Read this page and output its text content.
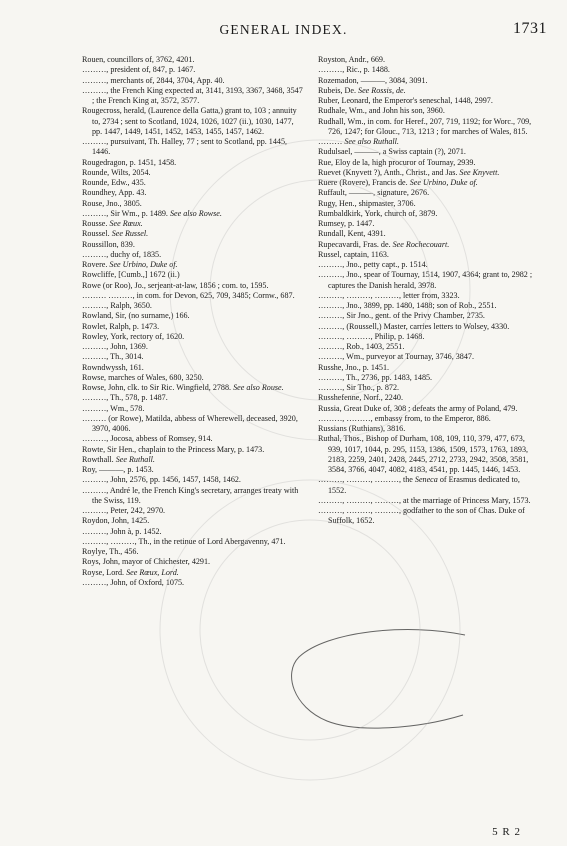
GENERAL INDEX.	1731
Rouen, councillors of, 3762, 4201.
………, president of, 847, p. 1467.
………, merchants of, 2844, 3704, App. 40.
………, the French King expected at, 3141, 3193, 3367, 3468, 3547 ; the French King at, 3572, 3577.
Rougecross, herald, (Laurence della Gatta,) grant to, 103 ; annuity to, 2734 ; sent to Scotland, 1024, 1026, 1027 (ii.), 1030, 1477, pp. 1447, 1449, 1451, 1452, 1453, 1455, 1457, 1462.
………, pursuivant, Th. Halley, 77 ; sent to Scotland, pp. 1445, 1446.
Rougedragon, p. 1451, 1458.
Rounde, Wilts, 2054.
Rounde, Edw., 435.
Roundhey, App. 43.
Rouse, Jno., 3805.
………, Sir Wm., p. 1489. See also Rowse.
Rousse. See Rœux.
Roussel. See Russel.
Roussillon, 839.
………, duchy of, 1835.
Rovere. See Urbino, Duke of.
Rowcliffe, [Cumb.,] 1672 (ii.)
Rowe (or Roo), Jo., serjeant-at-law, 1856 ; com. to, 1595.
……… ………, in com. for Devon, 625, 709, 3485; Cornw., 687.
………, Ralph, 3650.
Rowland, Sir, (no surname,) 166.
Rowlet, Ralph, p. 1473.
Rowley, York, rectory of, 1620.
………, John, 1369.
………, Th., 3014.
Rowndwyssh, 161.
Rowse, marches of Wales, 680, 3250.
Rowse, John, clk. to Sir Ric. Wingfield, 2788. See also Rouse.
………, Th., 578, p. 1487.
………, Wm., 578.
……… (or Rowe), Matilda, abbess of Wherewell, deceased, 3920, 3970, 4006.
………, Jocosa, abbess of Romsey, 914.
Rowte, Sir Hen., chaplain to the Princess Mary, p. 1473.
Rowthall. See Ruthall.
Roy, ———, p. 1453.
………, John, 2576, pp. 1456, 1457, 1458, 1462.
………, André le, the French King's secretary, arranges treaty with the Swiss, 119.
………, Peter, 242, 2970.
Roydon, John, 1425.
………, John à, p. 1452.
………, ………, Th., in the retinue of Lord Abergavenny, 471.
Roylye, Th., 456.
Roys, John, mayor of Chichester, 4291.
Royse, Lord. See Rœux, Lord.
………, John, of Oxford, 1075.
Royston, Andr., 669.
………, Ric., p. 1488.
Rozemadon, ———, 3084, 3091.
Rubeis, De. See Rossis, de.
Ruber, Leonard, the Emperor's seneschal, 1448, 2997.
Rudhale, Wm., and John his son, 3960.
Rudhall, Wm., in com. for Heref., 207, 719, 1192; for Worc., 709, 726, 1247; for Glouc., 713, 1213 ; for marches of Wales, 815.
……… See also Ruthall.
Rudulsael, ———, a Swiss captain (?), 2071.
Rue, Eloy de la, high procuror of Tournay, 2939.
Ruevet (Knyvett ?), Anth., Christ., and Jas. See Knyvett.
Ruere (Rovere), Francis de. See Urbino, Duke of.
Ruffault, ———, signature, 2676.
Rugy, Hen., shipmaster, 3706.
Rumbaldkirk, York, church of, 3879.
Rumsey, p. 1447.
Rundall, Kent, 4391.
Rupecavardi, Fras. de. See Rochecouart.
Russel, captain, 1163.
………, Jno., petty capt., p. 1514.
………, Jno., spear of Tournay, 1514, 1907, 4364; grant to, 2982 ; captures the Danish herald, 3978.
………, ………, ………, letter from, 3323.
………, Jno., 3899, pp. 1480, 1488; son of Rob., 2551.
………, Sir Jno., gent. of the Privy Chamber, 2735.
………, (Roussell,) Master, carries letters to Wolsey, 4330.
………, ………, Philip, p. 1468.
………, Rob., 1403, 2551.
………, Wm., purveyor at Tournay, 3746, 3847.
Russhe, Jno., p. 1451.
………, Th., 2736, pp. 1483, 1485.
………, Sir Tho., p. 872.
Russhefenne, Norf., 2240.
Russia, Great Duke of, 308 ; defeats the army of Poland, 479.
………, ………, embassy from, to the Emperor, 886.
Russians (Ruthians), 3816.
Ruthal, Thos., Bishop of Durham, 108, 109, 110, 379, 477, 673, 939, 1017, 1044, p. 295, 1153, 1386, 1509, 1573, 1763, 1893, 2183, 2259, 2401, 2428, 2445, 2712, 2733, 2942, 3508, 3581, 3584, 3766, 4047, 4082, 4183, 4541, pp. 1445, 1446, 1453.
………, ………, ………, the Seneca of Erasmus dedicated to, 1552.
………, ………, ………, at the marriage of Princess Mary, 1573.
………, ………, ………, godfather to the son of Chas. Duke of Suffolk, 1652.
5 R 2
